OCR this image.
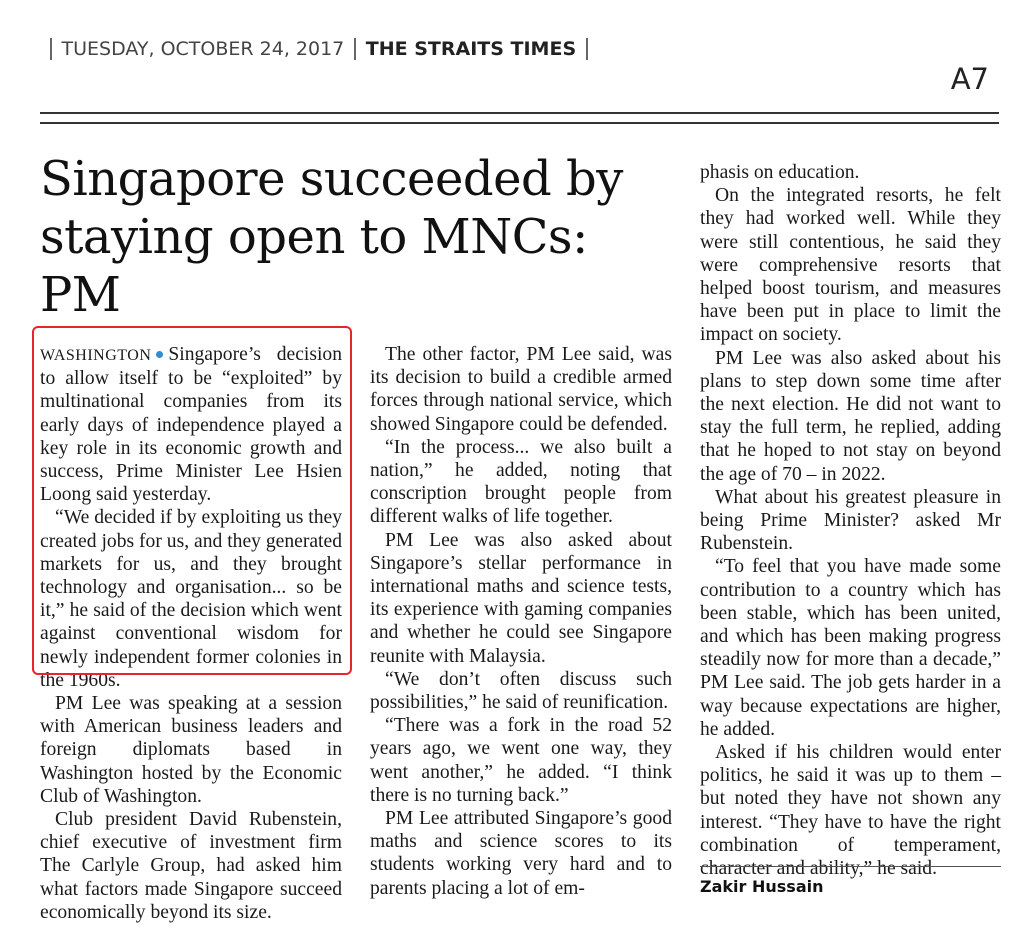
TUESDAY, OCTOBER 24, 2017 THE STRAITS TIMES
A7
Singapore succeeded by
staying open to MNCs: PM

WASHINGTON Singapore’s decision to allow itself to be “exploited” by multinational companies from its early days of independence played a key role in its economic growth and success, Prime Minister Lee Hsien Loong said yesterday.

“We decided if by exploiting us they created jobs for us, and they generated markets for us, and they brought technology and organisation... so be it,” he said of the decision which went against conventional wisdom for newly independent former colonies in the 1960s.

PM Lee was speaking at a session with American business leaders and foreign diplomats based in Washington hosted by the Economic Club of Washington.

Club president David Rubenstein, chief executive of investment firm The Carlyle Group, had asked him what factors made Singapore succeed economically beyond its size.

The other factor, PM Lee said, was its decision to build a credible armed forces through national service, which showed Singapore could be defended.

“In the process... we also built a nation,” he added, noting that conscription brought people from different walks of life together.

PM Lee was also asked about Singapore’s stellar performance in international maths and science tests, its experience with gaming companies and whether he could see Singapore reunite with Malaysia.

“We don’t often discuss such possibilities,” he said of reunification.

“There was a fork in the road 52 years ago, we went one way, they went another,” he added. “I think there is no turning back.”

PM Lee attributed Singapore’s good maths and science scores to its students working very hard and to parents placing a lot of em-

phasis on education.

On the integrated resorts, he felt they had worked well. While they were still contentious, he said they were comprehensive resorts that helped boost tourism, and measures have been put in place to limit the impact on society.

PM Lee was also asked about his plans to step down some time after the next election. He did not want to stay the full term, he replied, adding that he hoped to not stay on beyond the age of 70 – in 2022.

What about his greatest pleasure in being Prime Minister? asked Mr Rubenstein.

“To feel that you have made some contribution to a country which has been stable, which has been united, and which has been making progress steadily now for more than a decade,” PM Lee said. The job gets harder in a way because expectations are higher, he added.

Asked if his children would enter politics, he said it was up to them – but noted they have not shown any interest. “They have to have the right combination of temperament, character and ability,” he said.

Zakir Hussain
